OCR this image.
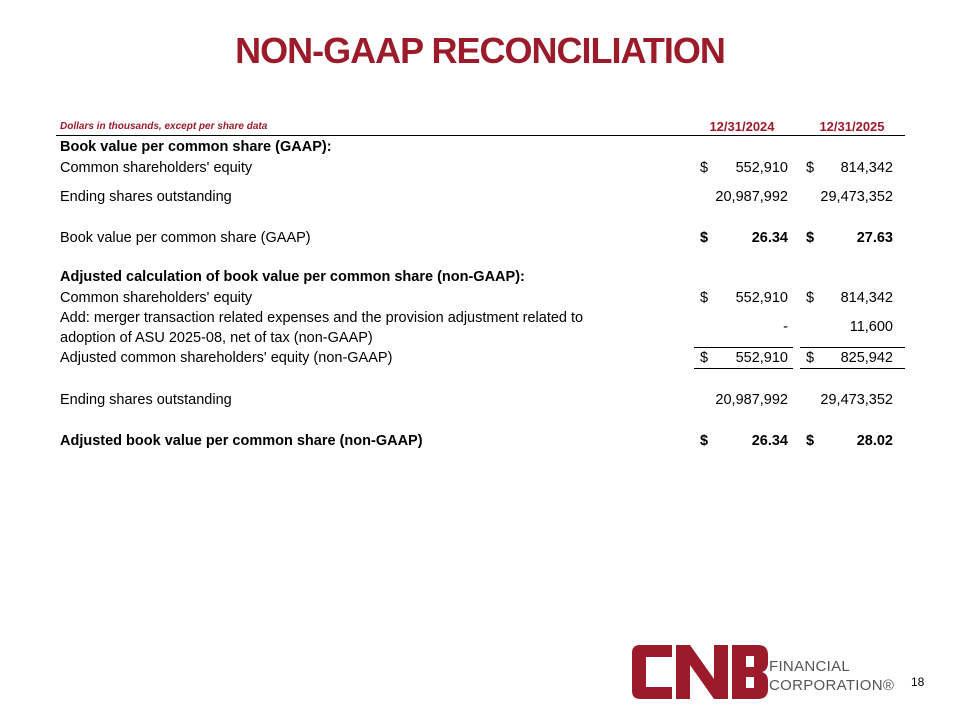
NON-GAAP RECONCILIATION
Dollars in thousands, except per share data	12/31/2024	12/31/2025
Book value per common share (GAAP):
Common shareholders' equity	$	552,910 $	814,342
Ending shares outstanding	20,987,992	29,473,352
Book value per common share (GAAP)	$	26.34 $	27.63
Adjusted calculation of book value per common share (non-GAAP):
Common shareholders' equity	$	552,910 $	814,342
Add: merger transaction related expenses and the provision adjustment related to
adoption of ASU 2025-08, net of tax (non-GAAP)
-	11,600
Adjusted common shareholders' equity (non-GAAP)	$	552,910 $	825,942
Ending shares outstanding	20,987,992	29,473,352
Adjusted book value per common share (non-GAAP)	$	26.34 $	28.02
FINANCIAL
CORPORATION® 18
